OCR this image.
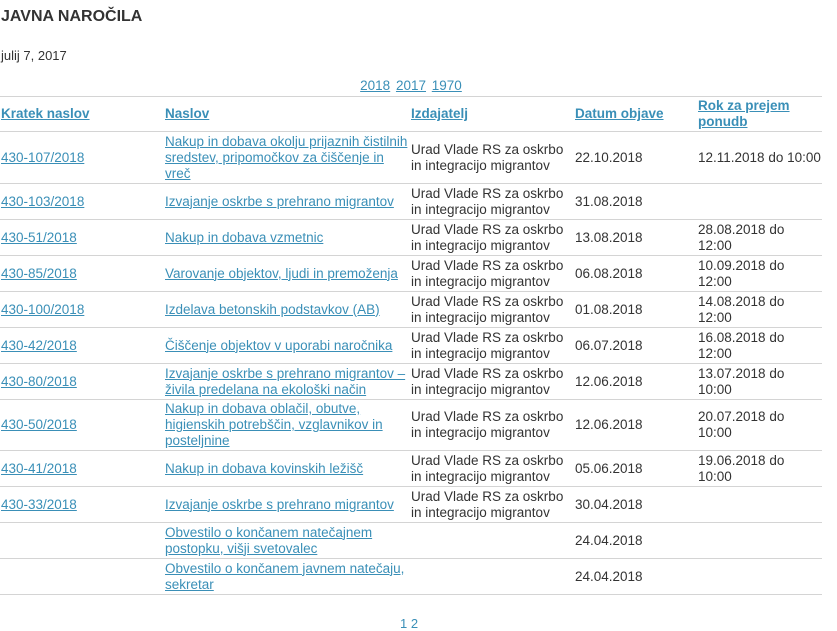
JAVNA NAROČILA
julij 7, 2017
2018 2017 1970
Kratek naslov	Naslov	Izdajatelj	Datum objave	Rok za prejem ponudb
430-107/2018	Nakup in dobava okolju prijaznih čistilnih sredstev, pripomočkov za čiščenje in vreč	Urad Vlade RS za oskrbo in integracijo migrantov	22.10.2018	12.11.2018 do 10:00
430-103/2018	Izvajanje oskrbe s prehrano migrantov	Urad Vlade RS za oskrbo in integracijo migrantov	31.08.2018	
430-51/2018	Nakup in dobava vzmetnic	Urad Vlade RS za oskrbo in integracijo migrantov	13.08.2018	28.08.2018 do 12:00
430-85/2018	Varovanje objektov, ljudi in premoženja	Urad Vlade RS za oskrbo in integracijo migrantov	06.08.2018	10.09.2018 do 12:00
430-100/2018	Izdelava betonskih podstavkov (AB)	Urad Vlade RS za oskrbo in integracijo migrantov	01.08.2018	14.08.2018 do 12:00
430-42/2018	Čiščenje objektov v uporabi naročnika	Urad Vlade RS za oskrbo in integracijo migrantov	06.07.2018	16.08.2018 do 12:00
430-80/2018	Izvajanje oskrbe s prehrano migrantov – živila predelana na ekološki način	Urad Vlade RS za oskrbo in integracijo migrantov	12.06.2018	13.07.2018 do 10:00
430-50/2018	Nakup in dobava oblačil, obutve, higienskih potrebščin, vzglavnikov in posteljnine	Urad Vlade RS za oskrbo in integracijo migrantov	12.06.2018	20.07.2018 do 10:00
430-41/2018	Nakup in dobava kovinskih ležišč	Urad Vlade RS za oskrbo in integracijo migrantov	05.06.2018	19.06.2018 do 10:00
430-33/2018	Izvajanje oskrbe s prehrano migrantov	Urad Vlade RS za oskrbo in integracijo migrantov	30.04.2018	
	Obvestilo o končanem natečajnem postopku, višji svetovalec		24.04.2018	
	Obvestilo o končanem javnem natečaju, sekretar		24.04.2018	
1 2
